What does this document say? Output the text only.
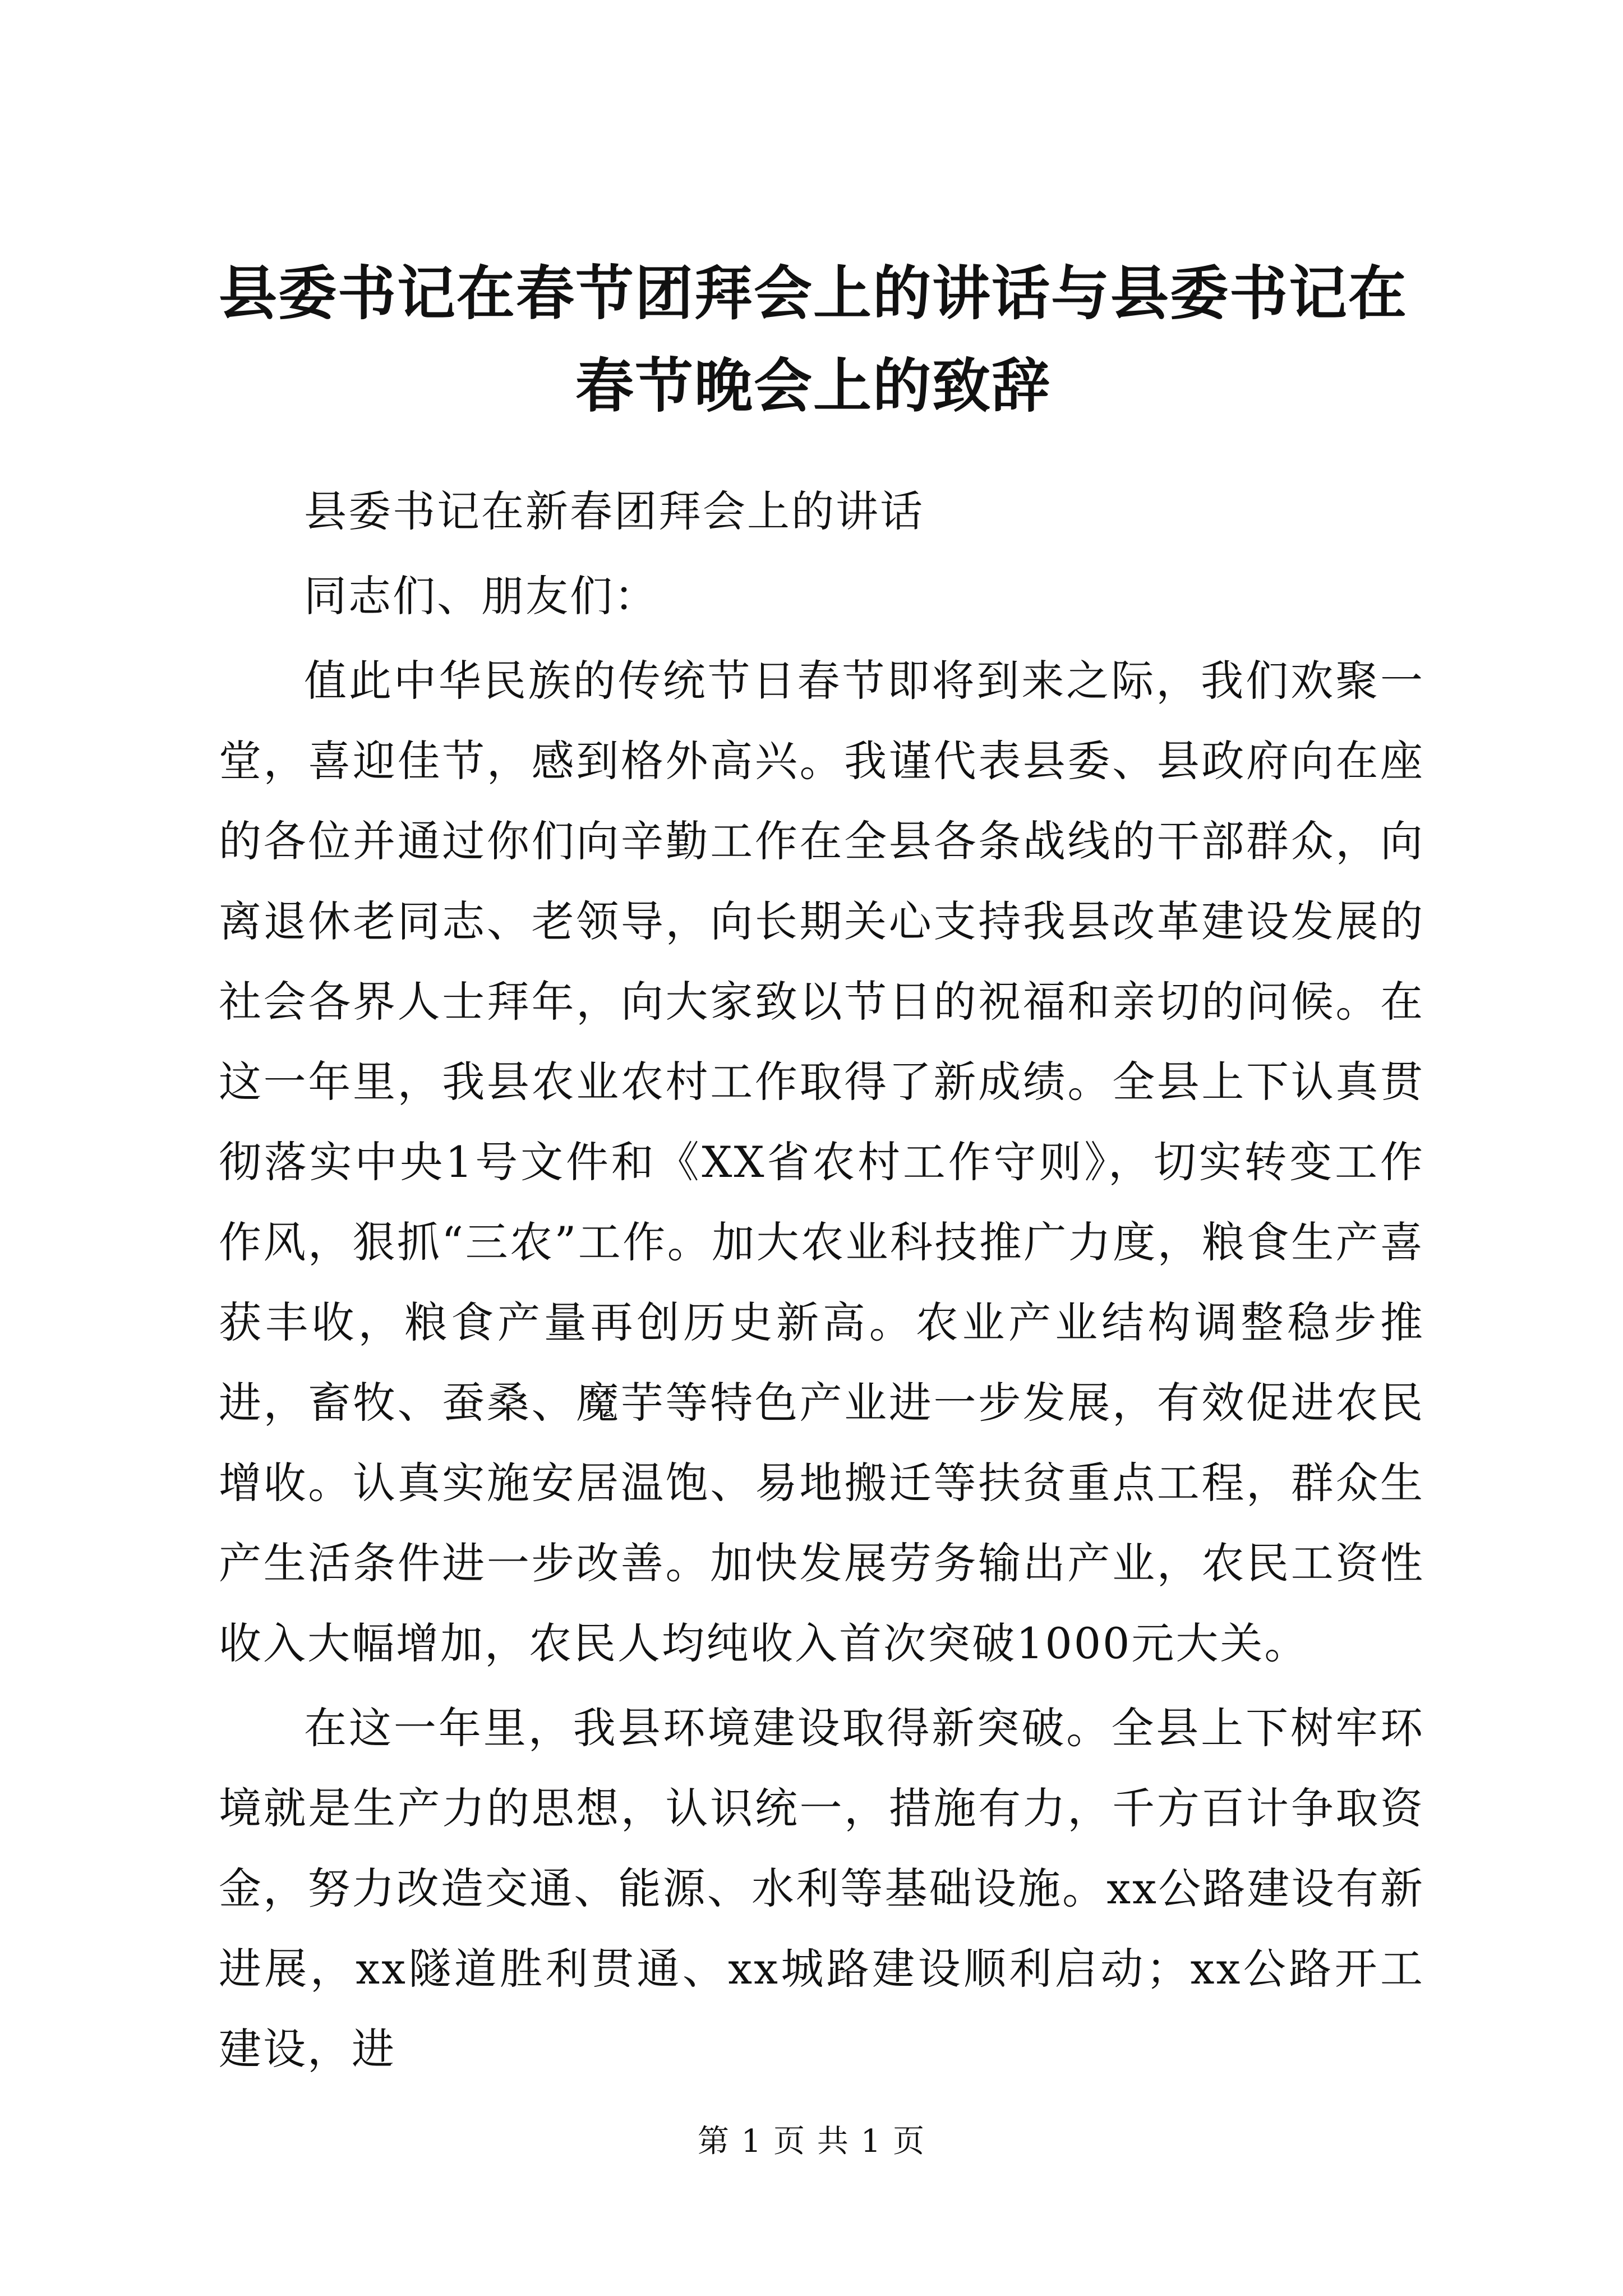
县委书记在春节团拜会上的讲话与县委书记在
春节晚会上的致辞

县委书记在新春团拜会上的讲话

同志们、朋友们：

值此中华民族的传统节日春节即将到来之际，我们欢聚一堂，喜迎佳节，感到格外高兴。我谨代表县委、县政府向在座的各位并通过你们向辛勤工作在全县各条战线的干部群众，向离退休老同志、老领导，向长期关心支持我县改革建设发展的社会各界人士拜年，向大家致以节日的祝福和亲切的问候。在这一年里，我县农业农村工作取得了新成绩。全县上下认真贯彻落实中央1号文件和《XX省农村工作守则》，切实转变工作作风，狠抓“三农”工作。加大农业科技推广力度，粮食生产喜获丰收，粮食产量再创历史新高。农业产业结构调整稳步推进，畜牧、蚕桑、魔芋等特色产业进一步发展，有效促进农民增收。认真实施安居温饱、易地搬迁等扶贫重点工程，群众生产生活条件进一步改善。加快发展劳务输出产业，农民工资性收入大幅增加，农民人均纯收入首次突破1000元大关。

在这一年里，我县环境建设取得新突破。全县上下树牢环境就是生产力的思想，认识统一，措施有力，千方百计争取资金，努力改造交通、能源、水利等基础设施。xx公路建设有新进展，xx隧道胜利贯通、xx城路建设顺利启动；xx公路开工建设，进

第 1 页 共 1 页
